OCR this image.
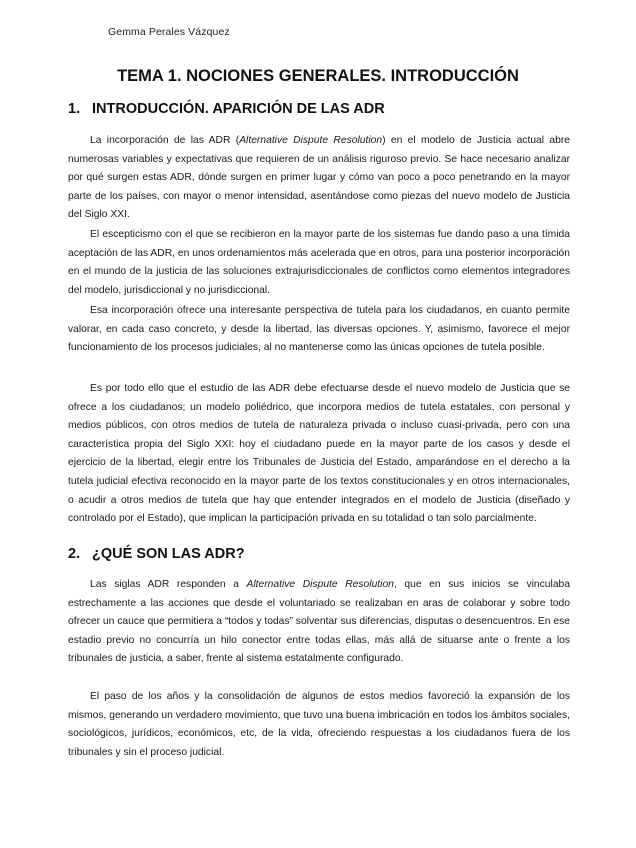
Gemma Perales Vázquez
TEMA 1. NOCIONES GENERALES. INTRODUCCIÓN
1. INTRODUCCIÓN. APARICIÓN DE LAS ADR

La incorporación de las ADR (Alternative Dispute Resolution) en el modelo de Justicia actual abre numerosas variables y expectativas que requieren de un análisis riguroso previo. Se hace necesario analizar por qué surgen estas ADR, dónde surgen en primer lugar y cómo van poco a poco penetrando en la mayor parte de los países, con mayor o menor intensidad, asentándose como piezas del nuevo modelo de Justicia del Siglo XXI.

El escepticismo con el que se recibieron en la mayor parte de los sistemas fue dando paso a una tímida aceptación de las ADR, en unos ordenamientos más acelerada que en otros, para una posterior incorporación en el mundo de la justicia de las soluciones extrajurisdiccionales de conflictos como elementos integradores del modelo, jurisdiccional y no jurisdiccional.

Esa incorporación ofrece una interesante perspectiva de tutela para los ciudadanos, en cuanto permite valorar, en cada caso concreto, y desde la libertad, las diversas opciones. Y, asimismo, favorece el mejor funcionamiento de los procesos judiciales, al no mantenerse como las únicas opciones de tutela posible.

Es por todo ello que el estudio de las ADR debe efectuarse desde el nuevo modelo de Justicia que se ofrece a los ciudadanos; un modelo poliédrico, que incorpora medios de tutela estatales, con personal y medios públicos, con otros medios de tutela de naturaleza privada o incluso cuasi-privada, pero con una característica propia del Siglo XXI: hoy el ciudadano puede en la mayor parte de los casos y desde el ejercicio de la libertad, elegir entre los Tribunales de Justicia del Estado, amparándose en el derecho a la tutela judicial efectiva reconocido en la mayor parte de los textos constitucionales y en otros internacionales, o acudir a otros medios de tutela que hay que entender integrados en el modelo de Justicia (diseñado y controlado por el Estado), que implican la participación privada en su totalidad o tan solo parcialmente.

2. ¿QUÉ SON LAS ADR?

Las siglas ADR responden a Alternative Dispute Resolution, que en sus inicios se vinculaba estrechamente a las acciones que desde el voluntariado se realizaban en aras de colaborar y sobre todo ofrecer un cauce que permitiera a “todos y todas” solventar sus diferencias, disputas o desencuentros. En ese estadio previo no concurría un hilo conector entre todas ellas, más allá de situarse ante o frente a los tribunales de justicia, a saber, frente al sistema estatalmente configurado.

El paso de los años y la consolidación de algunos de estos medios favoreció la expansión de los mismos, generando un verdadero movimiento, que tuvo una buena imbricación en todos los ámbitos sociales, sociológicos, jurídicos, económicos, etc, de la vida, ofreciendo respuestas a los ciudadanos fuera de los tribunales y sin el proceso judicial.
